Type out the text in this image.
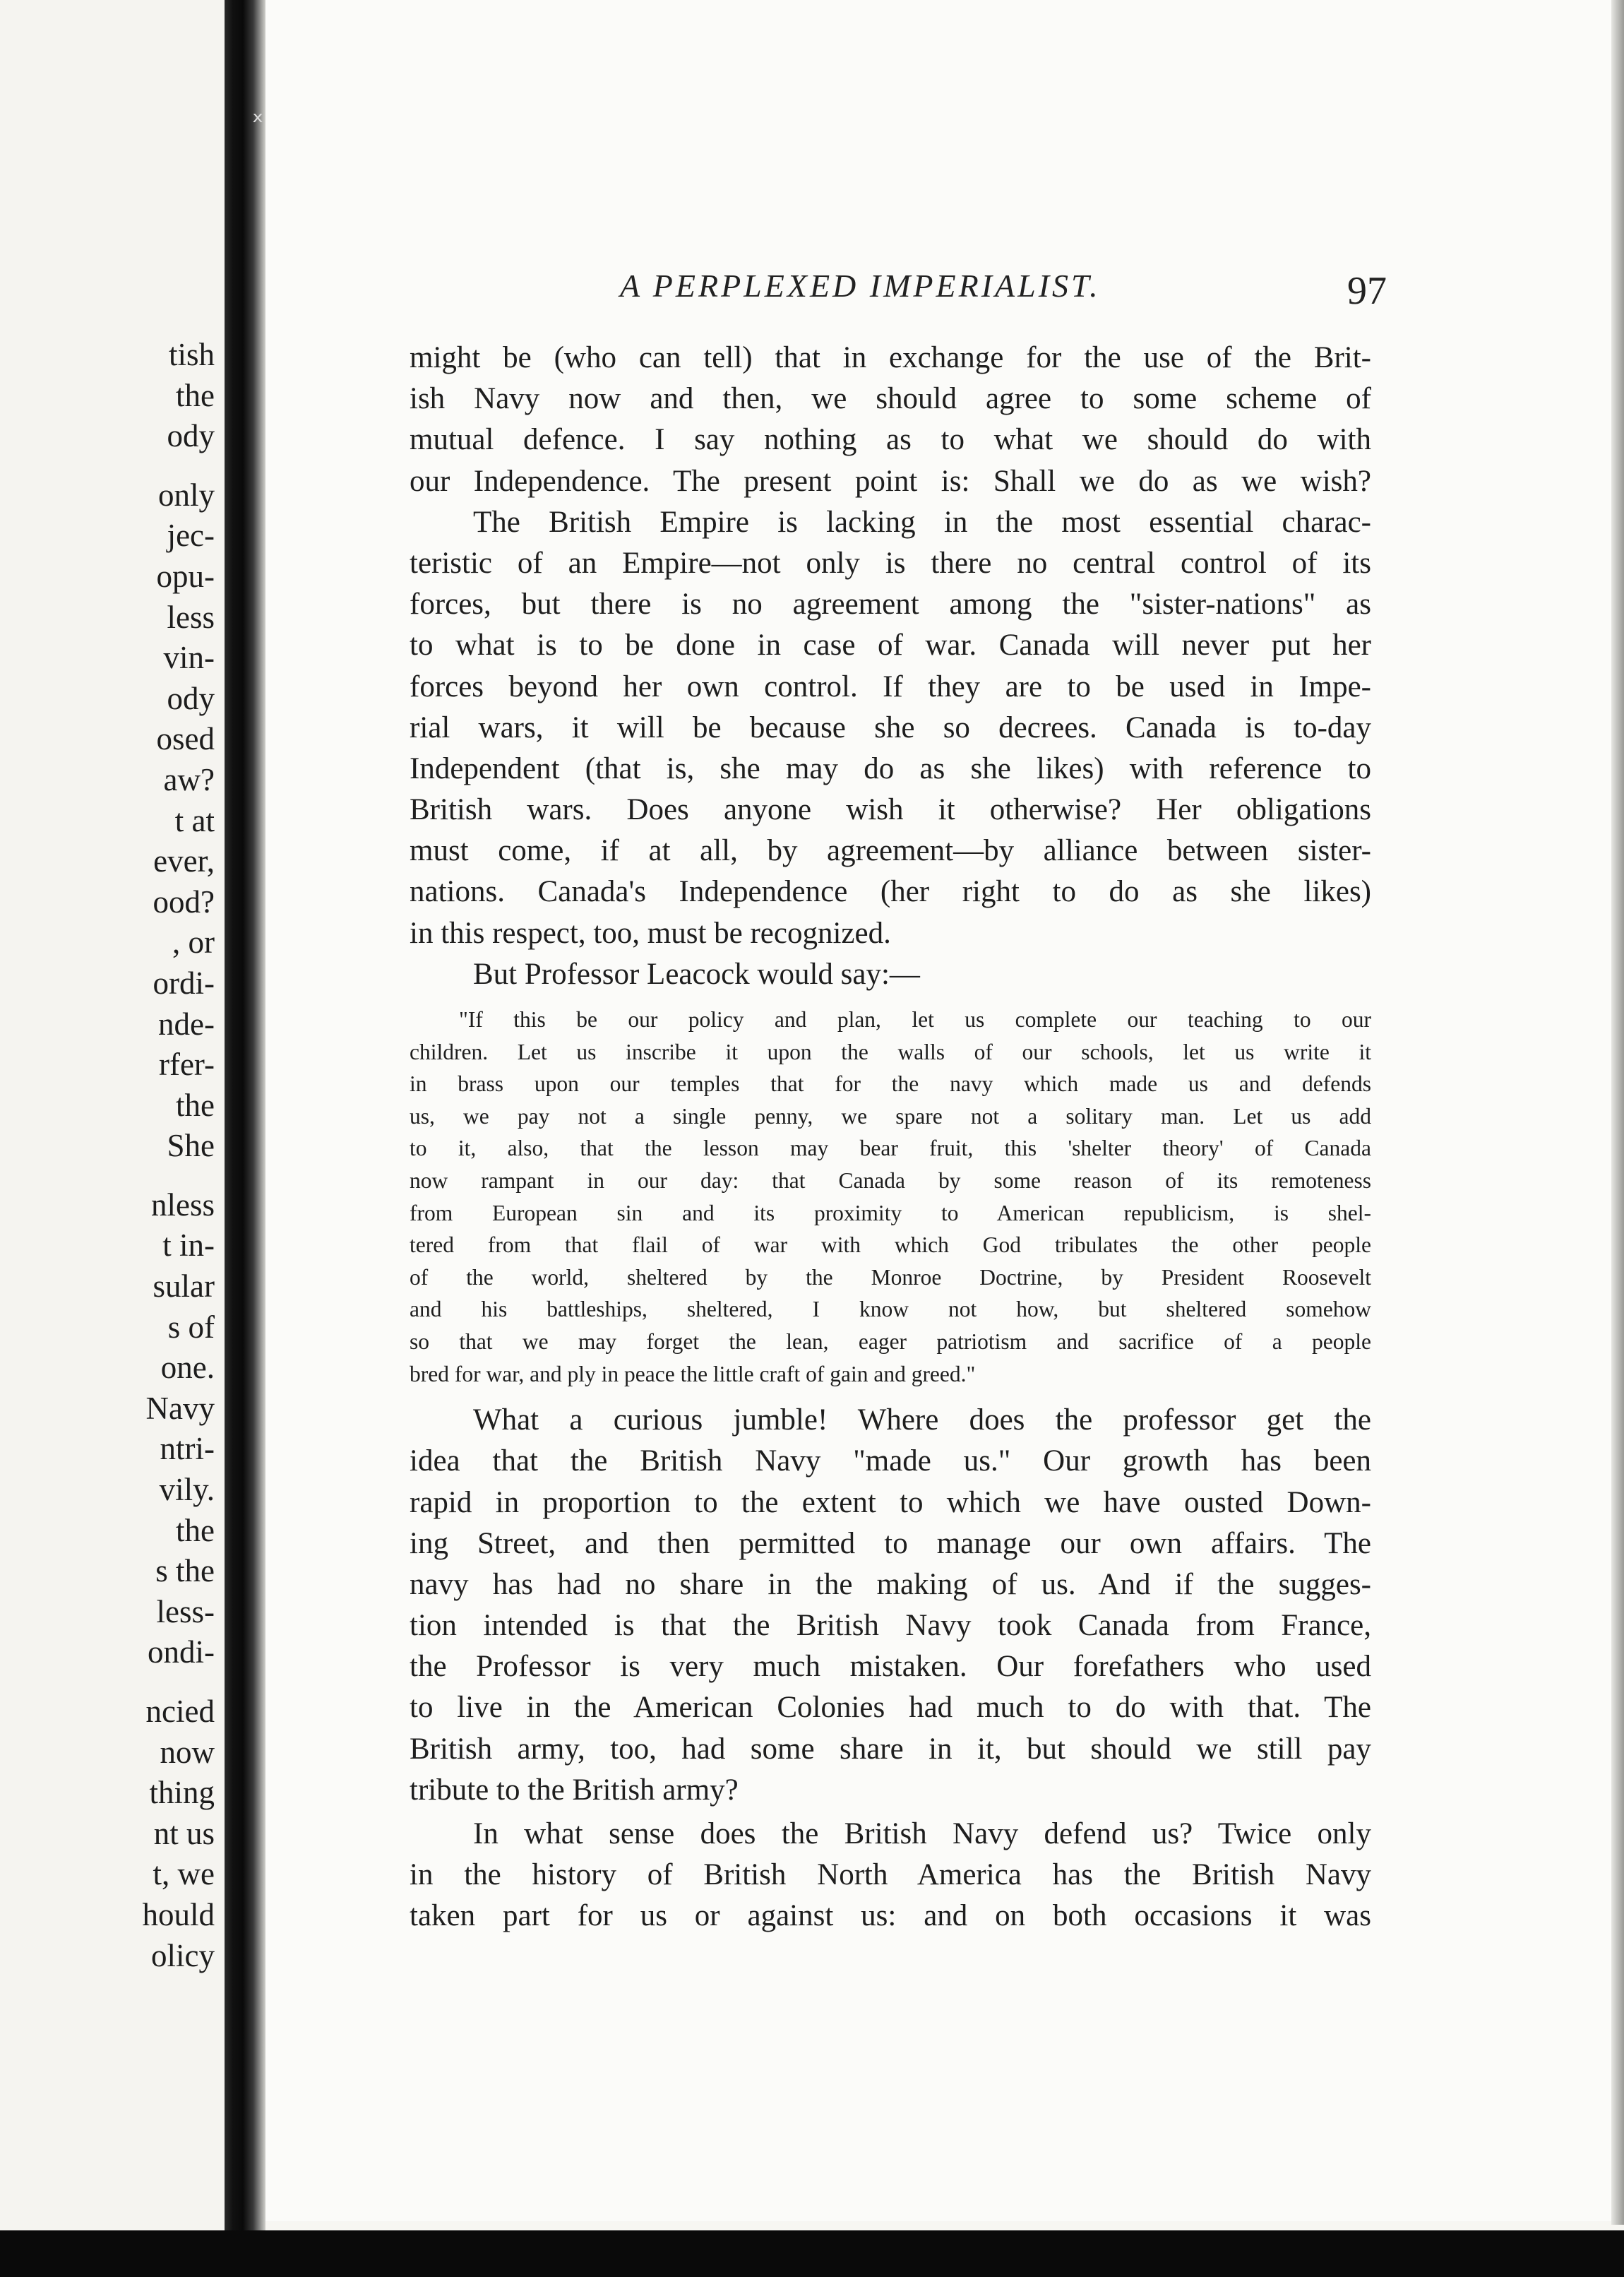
tish
the
ody
only
jec-
opu-
less
vin-
ody
osed
aw?
t at
ever,
ood?
, or
ordi-
nde-
rfer-
the
She
nless
t in-
sular
s of
one.
Navy
ntri-
vily.
the
s the
less-
ondi-
ncied
now
thing
nt us
t, we
hould
olicy
ˣ
A PERPLEXED IMPERIALIST.	97
might be (who can tell) that in exchange for the use of the Brit-
ish Navy now and then, we should agree to some scheme of
mutual defence. I say nothing as to what we should do with
our Independence. The present point is: Shall we do as we wish?
The British Empire is lacking in the most essential charac-
teristic of an Empire—not only is there no central control of its
forces, but there is no agreement among the "sister-nations" as
to what is to be done in case of war. Canada will never put her
forces beyond her own control. If they are to be used in Impe-
rial wars, it will be because she so decrees. Canada is to-day
Independent (that is, she may do as she likes) with reference to
British wars. Does anyone wish it otherwise? Her obligations
must come, if at all, by agreement—by alliance between sister-
nations. Canada's Independence (her right to do as she likes)
in this respect, too, must be recognized.
But Professor Leacock would say:—
"If this be our policy and plan, let us complete our teaching to our
children. Let us inscribe it upon the walls of our schools, let us write it
in brass upon our temples that for the navy which made us and defends
us, we pay not a single penny, we spare not a solitary man. Let us add
to it, also, that the lesson may bear fruit, this 'shelter theory' of Canada
now rampant in our day: that Canada by some reason of its remoteness
from European sin and its proximity to American republicism, is shel-
tered from that flail of war with which God tribulates the other people
of the world, sheltered by the Monroe Doctrine, by President Roosevelt
and his battleships, sheltered, I know not how, but sheltered somehow
so that we may forget the lean, eager patriotism and sacrifice of a people
bred for war, and ply in peace the little craft of gain and greed."
What a curious jumble! Where does the professor get the
idea that the British Navy "made us." Our growth has been
rapid in proportion to the extent to which we have ousted Down-
ing Street, and then permitted to manage our own affairs. The
navy has had no share in the making of us. And if the sugges-
tion intended is that the British Navy took Canada from France,
the Professor is very much mistaken. Our forefathers who used
to live in the American Colonies had much to do with that. The
British army, too, had some share in it, but should we still pay
tribute to the British army?
In what sense does the British Navy defend us? Twice only
in the history of British North America has the British Navy
taken part for us or against us: and on both occasions it was
